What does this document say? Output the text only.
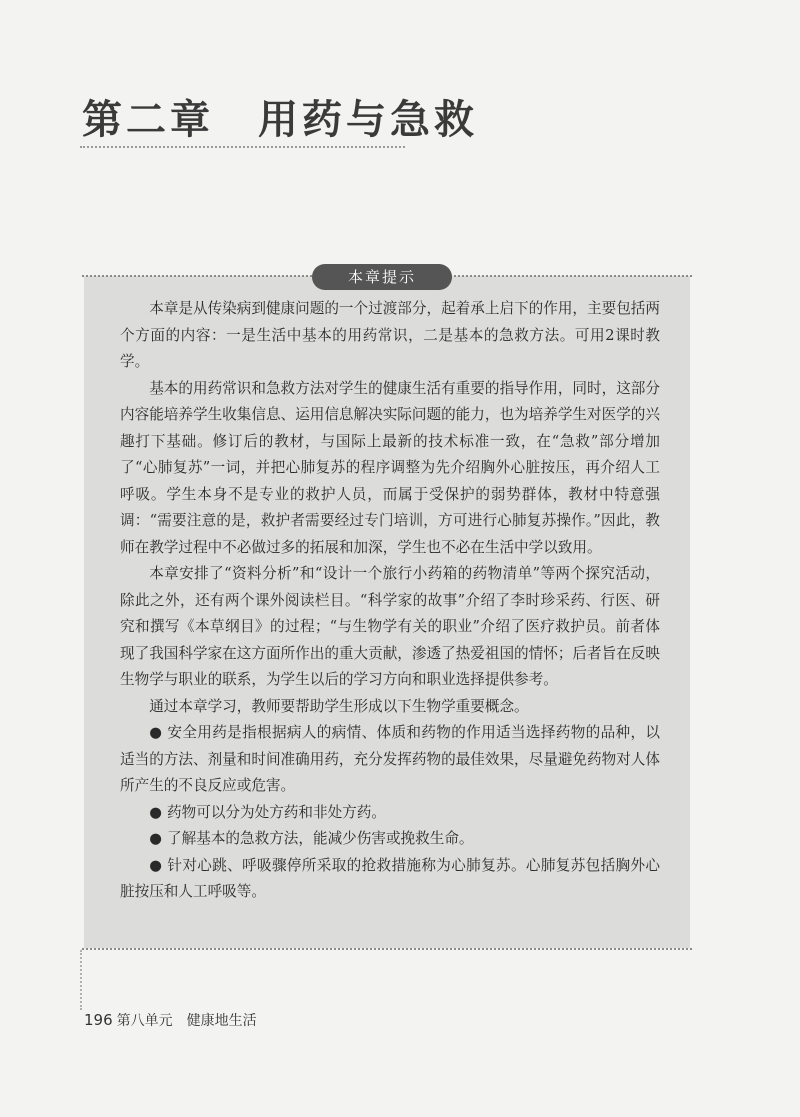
第二章　用药与急救
本章提示

本章是从传染病到健康问题的一个过渡部分，起着承上启下的作用，主要包括两个方面的内容：一是生活中基本的用药常识，二是基本的急救方法。可用2课时教学。

基本的用药常识和急救方法对学生的健康生活有重要的指导作用，同时，这部分内容能培养学生收集信息、运用信息解决实际问题的能力，也为培养学生对医学的兴趣打下基础。修订后的教材，与国际上最新的技术标准一致，在“急救”部分增加了“心肺复苏”一词，并把心肺复苏的程序调整为先介绍胸外心脏按压，再介绍人工呼吸。学生本身不是专业的救护人员，而属于受保护的弱势群体，教材中特意强调：“需要注意的是，救护者需要经过专门培训，方可进行心肺复苏操作。”因此，教师在教学过程中不必做过多的拓展和加深，学生也不必在生活中学以致用。

本章安排了“资料分析”和“设计一个旅行小药箱的药物清单”等两个探究活动，除此之外，还有两个课外阅读栏目。“科学家的故事”介绍了李时珍采药、行医、研究和撰写《本草纲目》的过程；“与生物学有关的职业”介绍了医疗救护员。前者体现了我国科学家在这方面所作出的重大贡献，渗透了热爱祖国的情怀；后者旨在反映生物学与职业的联系，为学生以后的学习方向和职业选择提供参考。

通过本章学习，教师要帮助学生形成以下生物学重要概念。

● 安全用药是指根据病人的病情、体质和药物的作用适当选择药物的品种，以适当的方法、剂量和时间准确用药，充分发挥药物的最佳效果，尽量避免药物对人体所产生的不良反应或危害。

● 药物可以分为处方药和非处方药。

● 了解基本的急救方法，能减少伤害或挽救生命。

● 针对心跳、呼吸骤停所采取的抢救措施称为心肺复苏。心肺复苏包括胸外心脏按压和人工呼吸等。

196 第八单元　健康地生活
